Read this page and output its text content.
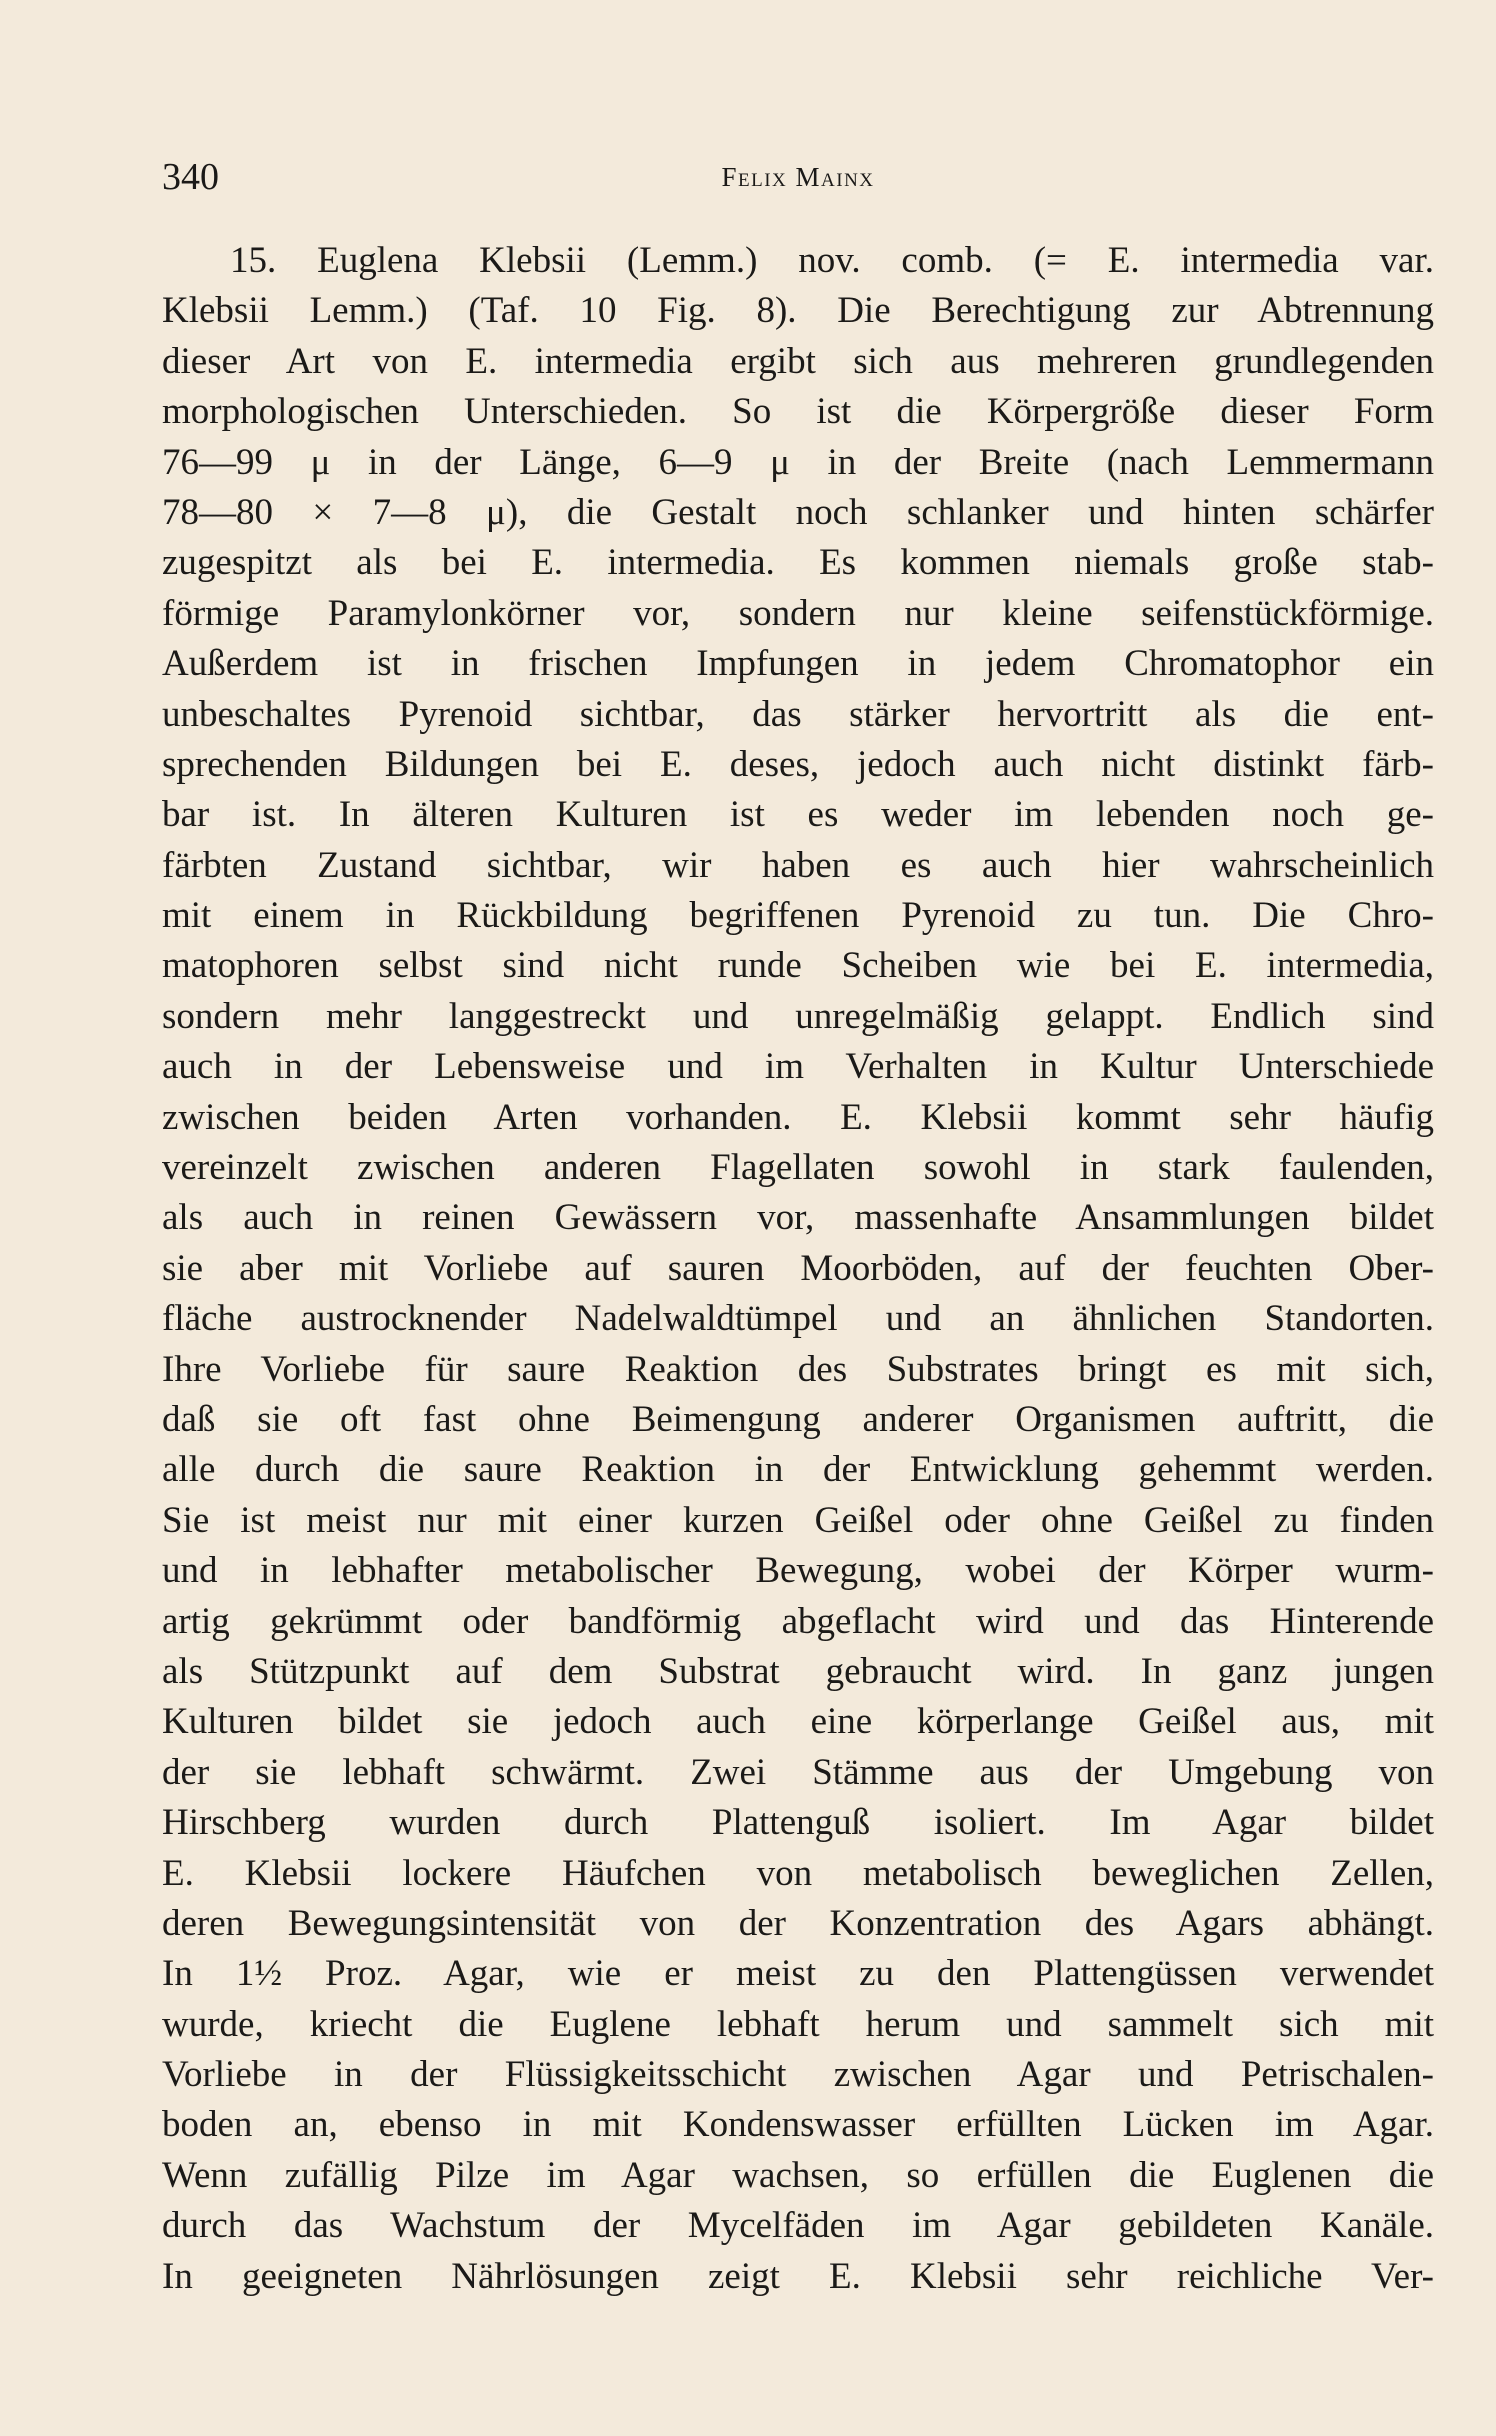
340	Felix Mainx
15. Euglena Klebsii (Lemm.) nov. comb. (= E. intermedia var.
Klebsii Lemm.) (Taf. 10 Fig. 8). Die Berechtigung zur Abtrennung
dieser Art von E. intermedia ergibt sich aus mehreren grundlegenden
morphologischen Unterschieden. So ist die Körpergröße dieser Form
76—99 μ in der Länge, 6—9 μ in der Breite (nach Lemmermann
78—80 × 7—8 μ), die Gestalt noch schlanker und hinten schärfer
zugespitzt als bei E. intermedia. Es kommen niemals große stab-
förmige Paramylonkörner vor, sondern nur kleine seifenstückförmige.
Außerdem ist in frischen Impfungen in jedem Chromatophor ein
unbeschaltes Pyrenoid sichtbar, das stärker hervortritt als die ent-
sprechenden Bildungen bei E. deses, jedoch auch nicht distinkt färb-
bar ist. In älteren Kulturen ist es weder im lebenden noch ge-
färbten Zustand sichtbar, wir haben es auch hier wahrscheinlich
mit einem in Rückbildung begriffenen Pyrenoid zu tun. Die Chro-
matophoren selbst sind nicht runde Scheiben wie bei E. intermedia,
sondern mehr langgestreckt und unregelmäßig gelappt. Endlich sind
auch in der Lebensweise und im Verhalten in Kultur Unterschiede
zwischen beiden Arten vorhanden. E. Klebsii kommt sehr häufig
vereinzelt zwischen anderen Flagellaten sowohl in stark faulenden,
als auch in reinen Gewässern vor, massenhafte Ansammlungen bildet
sie aber mit Vorliebe auf sauren Moorböden, auf der feuchten Ober-
fläche austrocknender Nadelwaldtümpel und an ähnlichen Standorten.
Ihre Vorliebe für saure Reaktion des Substrates bringt es mit sich,
daß sie oft fast ohne Beimengung anderer Organismen auftritt, die
alle durch die saure Reaktion in der Entwicklung gehemmt werden.
Sie ist meist nur mit einer kurzen Geißel oder ohne Geißel zu finden
und in lebhafter metabolischer Bewegung, wobei der Körper wurm-
artig gekrümmt oder bandförmig abgeflacht wird und das Hinterende
als Stützpunkt auf dem Substrat gebraucht wird. In ganz jungen
Kulturen bildet sie jedoch auch eine körperlange Geißel aus, mit
der sie lebhaft schwärmt. Zwei Stämme aus der Umgebung von
Hirschberg wurden durch Plattenguß isoliert. Im Agar bildet
E. Klebsii lockere Häufchen von metabolisch beweglichen Zellen,
deren Bewegungsintensität von der Konzentration des Agars abhängt.
In 1½ Proz. Agar, wie er meist zu den Plattengüssen verwendet
wurde, kriecht die Euglene lebhaft herum und sammelt sich mit
Vorliebe in der Flüssigkeitsschicht zwischen Agar und Petrischalen-
boden an, ebenso in mit Kondenswasser erfüllten Lücken im Agar.
Wenn zufällig Pilze im Agar wachsen, so erfüllen die Euglenen die
durch das Wachstum der Mycelfäden im Agar gebildeten Kanäle.
In geeigneten Nährlösungen zeigt E. Klebsii sehr reichliche Ver-
